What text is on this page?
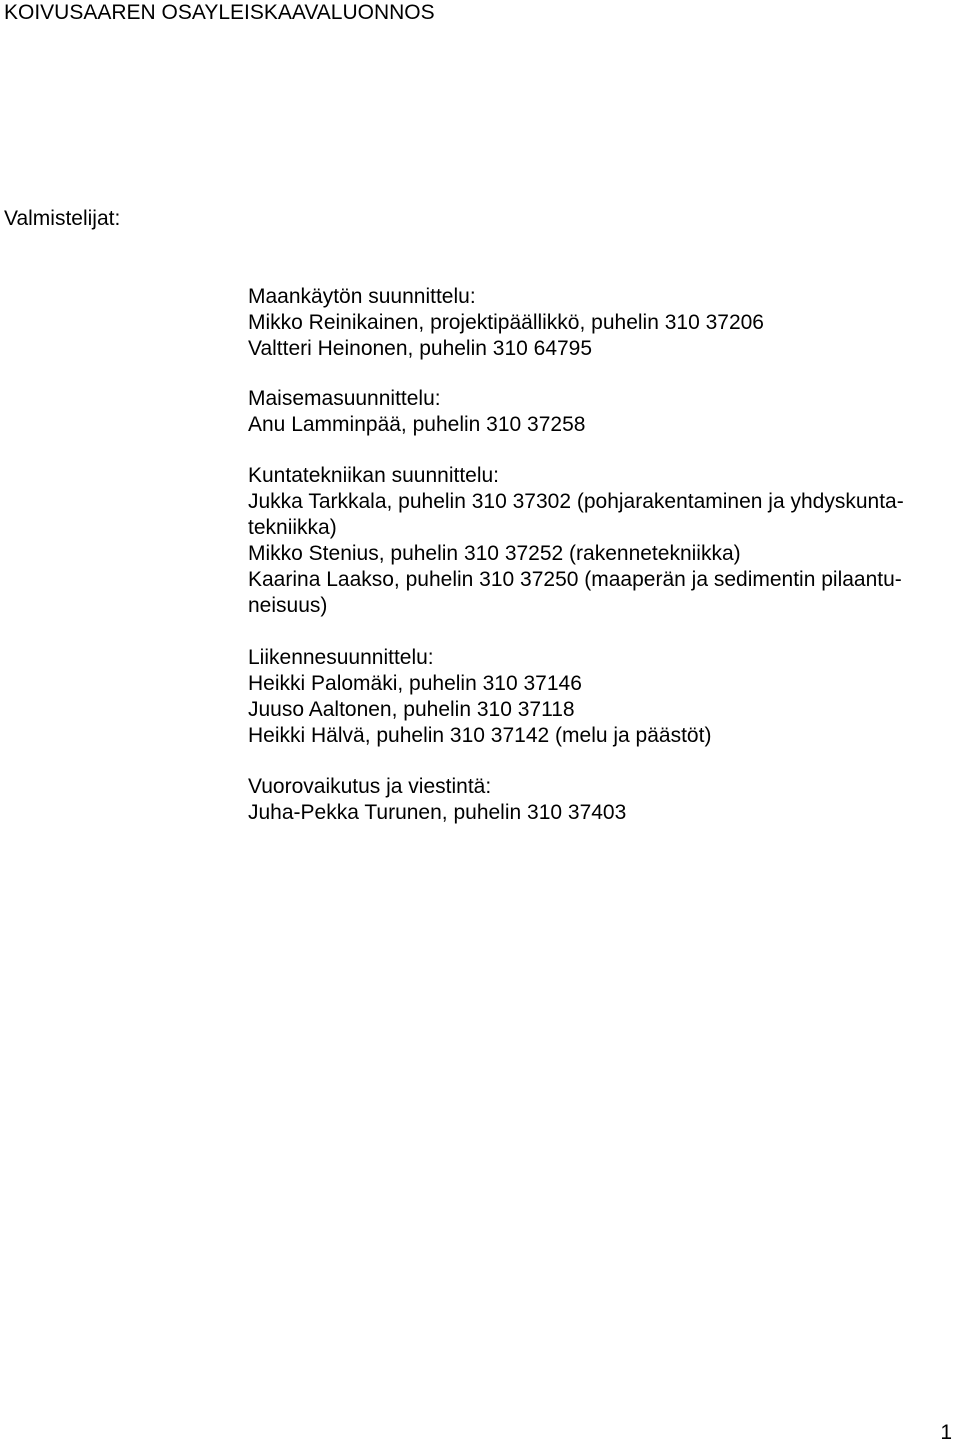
KOIVUSAAREN OSAYLEISKAAVALUONNOS
Valmistelijat:
Maankäytön suunnittelu:
Mikko Reinikainen, projektipäällikkö, puhelin 310 37206
Valtteri Heinonen, puhelin 310 64795
Maisemasuunnittelu:
Anu Lamminpää, puhelin 310 37258
Kuntatekniikan suunnittelu:
Jukka Tarkkala, puhelin 310 37302 (pohjarakentaminen ja yhdyskunta-
tekniikka)
Mikko Stenius, puhelin 310 37252 (rakennetekniikka)
Kaarina Laakso, puhelin 310 37250 (maaperän ja sedimentin pilaantu-
neisuus)
Liikennesuunnittelu:
Heikki Palomäki, puhelin 310 37146
Juuso Aaltonen, puhelin 310 37118
Heikki Hälvä, puhelin 310 37142 (melu ja päästöt)
Vuorovaikutus ja viestintä:
Juha-Pekka Turunen, puhelin 310 37403
1
